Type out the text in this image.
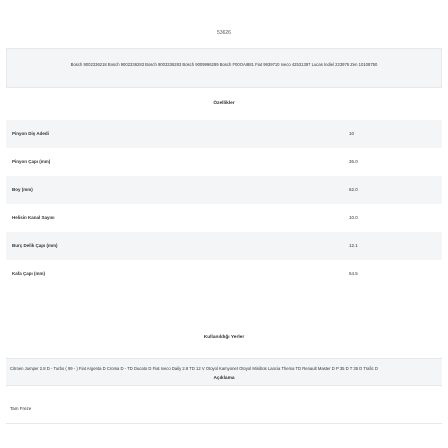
53626
Bosch 9002336218 Bosch 9002336283 Bosch 9003336283 Bosch 9009996289 Bosch F00OAI881 Fiat 9939710 Iveco 42531397 Lucas Indiel 223976 Zen 10108750
Özellikler
Pinyon Diş Adedi	10
Pinyon Çapı (mm)	36.0
Boy (mm)	62.0
Helisin Kanal Sayısı	10.0
Burç Delik Çapı (mm)	12.1
Kafa Çapı (mm)	54.5
Kullanıldığı Yerler
Citroen Jumper 2.8 D - Turbo ( 99 - ) Fiat Argenta D Croma D - TD Ducato D Fiat Iveco Daily 2.8 TD 12 V Otoyol Kamyonet Otoyol Minibüs Lancia Thema TD Renault Master D P 35 D T 35 D Trafic D
Açıklama
Tam Freze
